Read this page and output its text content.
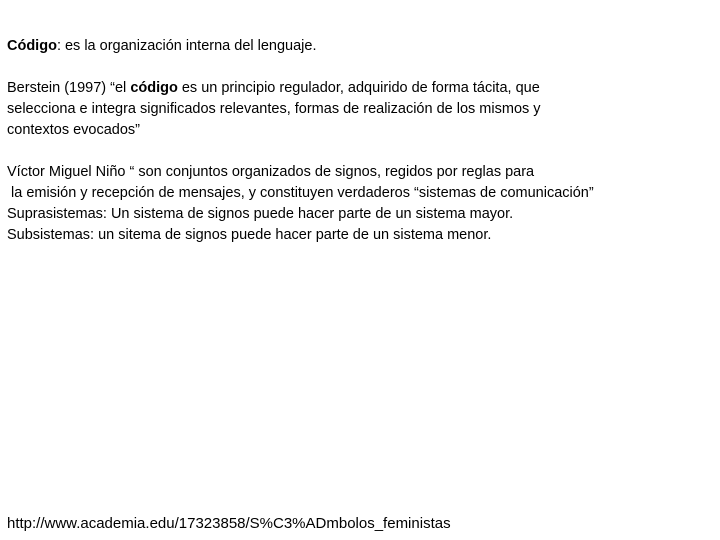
Código: es la organización interna del lenguaje.

Berstein (1997) “el código es un principio regulador, adquirido de forma tácita, que

selecciona e integra significados relevantes, formas de realización de los mismos y

contextos evocados”

Víctor Miguel Niño “ son conjuntos organizados de signos, regidos por reglas para

la emisión y recepción de mensajes, y constituyen verdaderos “sistemas de comunicación”

Suprasistemas: Un sistema de signos puede hacer parte de un sistema mayor.

Subsistemas: un sitema de signos puede hacer parte de un sistema menor.

http://www.academia.edu/17323858/S%C3%ADmbolos_feministas
